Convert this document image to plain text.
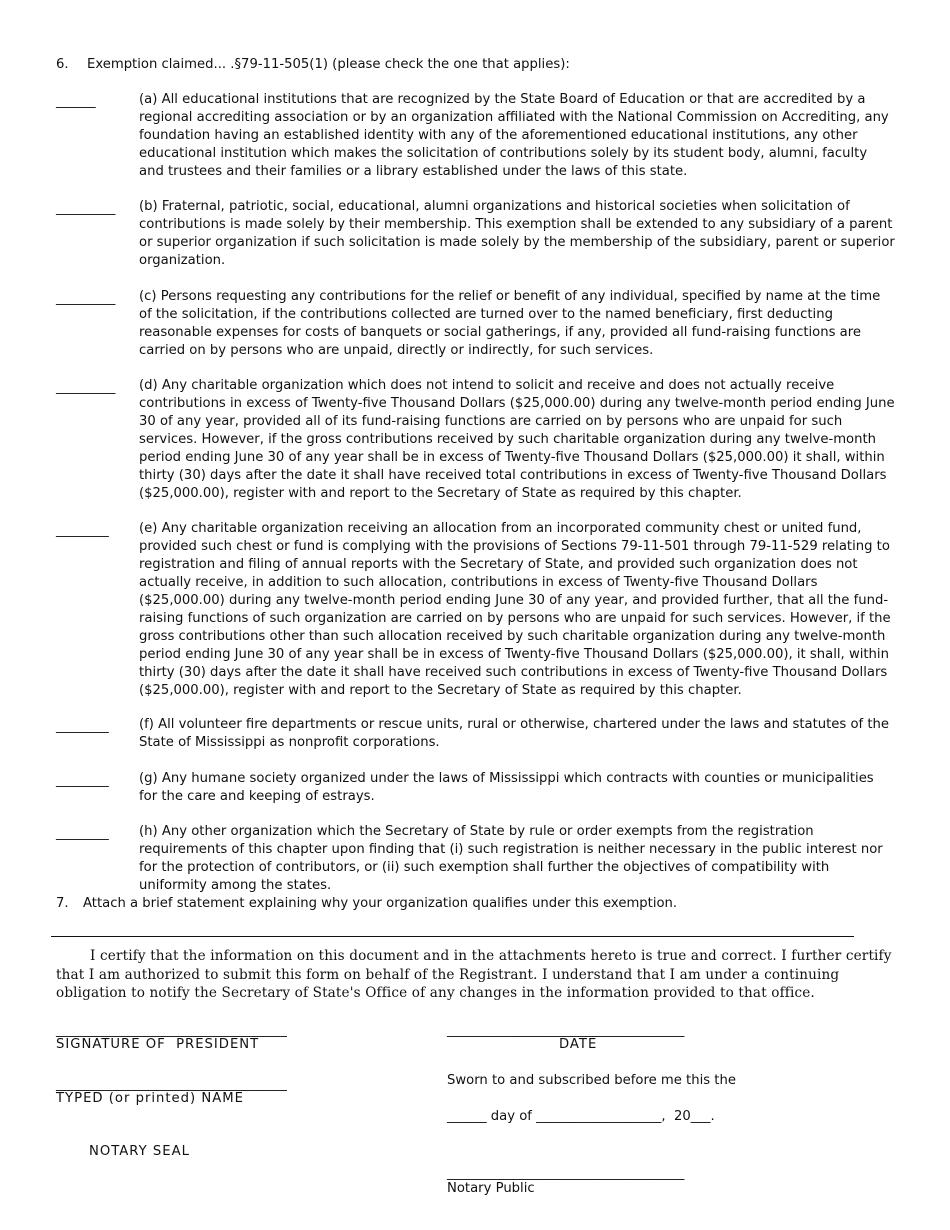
6. Exemption claimed... .§79-11-505(1) (please check the one that applies):
______	(a) All educational institutions that are recognized by the State Board of Education or that are accredited by a regional accrediting association or by an organization affiliated with the National Commission on Accrediting, any foundation having an established identity with any of the aforementioned educational institutions, any other educational institution which makes the solicitation of contributions solely by its student body, alumni, faculty and trustees and their families or a library established under the laws of this state.
_________ (b) Fraternal, patriotic, social, educational, alumni organizations and historical societies when solicitation of contributions is made solely by their membership. This exemption shall be extended to any subsidiary of a parent or superior organization if such solicitation is made solely by the membership of the subsidiary, parent or superior organization.
_________ (c) Persons requesting any contributions for the relief or benefit of any individual, specified by name at the time of the solicitation, if the contributions collected are turned over to the named beneficiary, first deducting reasonable expenses for costs of banquets or social gatherings, if any, provided all fund-raising functions are carried on by persons who are unpaid, directly or indirectly, for such services.
_________ (d) Any charitable organization which does not intend to solicit and receive and does not actually receive contributions in excess of Twenty-five Thousand Dollars ($25,000.00) during any twelve-month period ending June 30 of any year, provided all of its fund-raising functions are carried on by persons who are unpaid for such services. However, if the gross contributions received by such charitable organization during any twelve-month period ending June 30 of any year shall be in excess of Twenty-five Thousand Dollars ($25,000.00) it shall, within thirty (30) days after the date it shall have received total contributions in excess of Twenty-five Thousand Dollars ($25,000.00), register with and report to the Secretary of State as required by this chapter.
________ (e) Any charitable organization receiving an allocation from an incorporated community chest or united fund, provided such chest or fund is complying with the provisions of Sections 79-11-501 through 79-11-529 relating to registration and filing of annual reports with the Secretary of State, and provided such organization does not actually receive, in addition to such allocation, contributions in excess of Twenty-five Thousand Dollars ($25,000.00) during any twelve-month period ending June 30 of any year, and provided further, that all the fund-raising functions of such organization are carried on by persons who are unpaid for such services. However, if the gross contributions other than such allocation received by such charitable organization during any twelve-month period ending June 30 of any year shall be in excess of Twenty-five Thousand Dollars ($25,000.00), it shall, within thirty (30) days after the date it shall have received such contributions in excess of Twenty-five Thousand Dollars ($25,000.00), register with and report to the Secretary of State as required by this chapter.
________ (f) All volunteer fire departments or rescue units, rural or otherwise, chartered under the laws and statutes of the State of Mississippi as nonprofit corporations.
________ (g) Any humane society organized under the laws of Mississippi which contracts with counties or municipalities for the care and keeping of estrays.
________ (h) Any other organization which the Secretary of State by rule or order exempts from the registration requirements of this chapter upon finding that (i) such registration is neither necessary in the public interest nor for the protection of contributors, or (ii) such exemption shall further the objectives of compatibility with uniformity among the states.
7. Attach a brief statement explaining why your organization qualifies under this exemption.
I certify that the information on this document and in the attachments hereto is true and correct. I further certify that I am authorized to submit this form on behalf of the Registrant. I understand that I am under a continuing obligation to notify the Secretary of State's Office of any changes in the information provided to that office.
___________________________________
SIGNATURE OF  PRESIDENT
____________________________________
DATE
___________________________________
TYPED (or printed) NAME
Sworn to and subscribed before me this the
______ day of ___________________,  20___.
NOTARY SEAL
____________________________________
Notary Public
